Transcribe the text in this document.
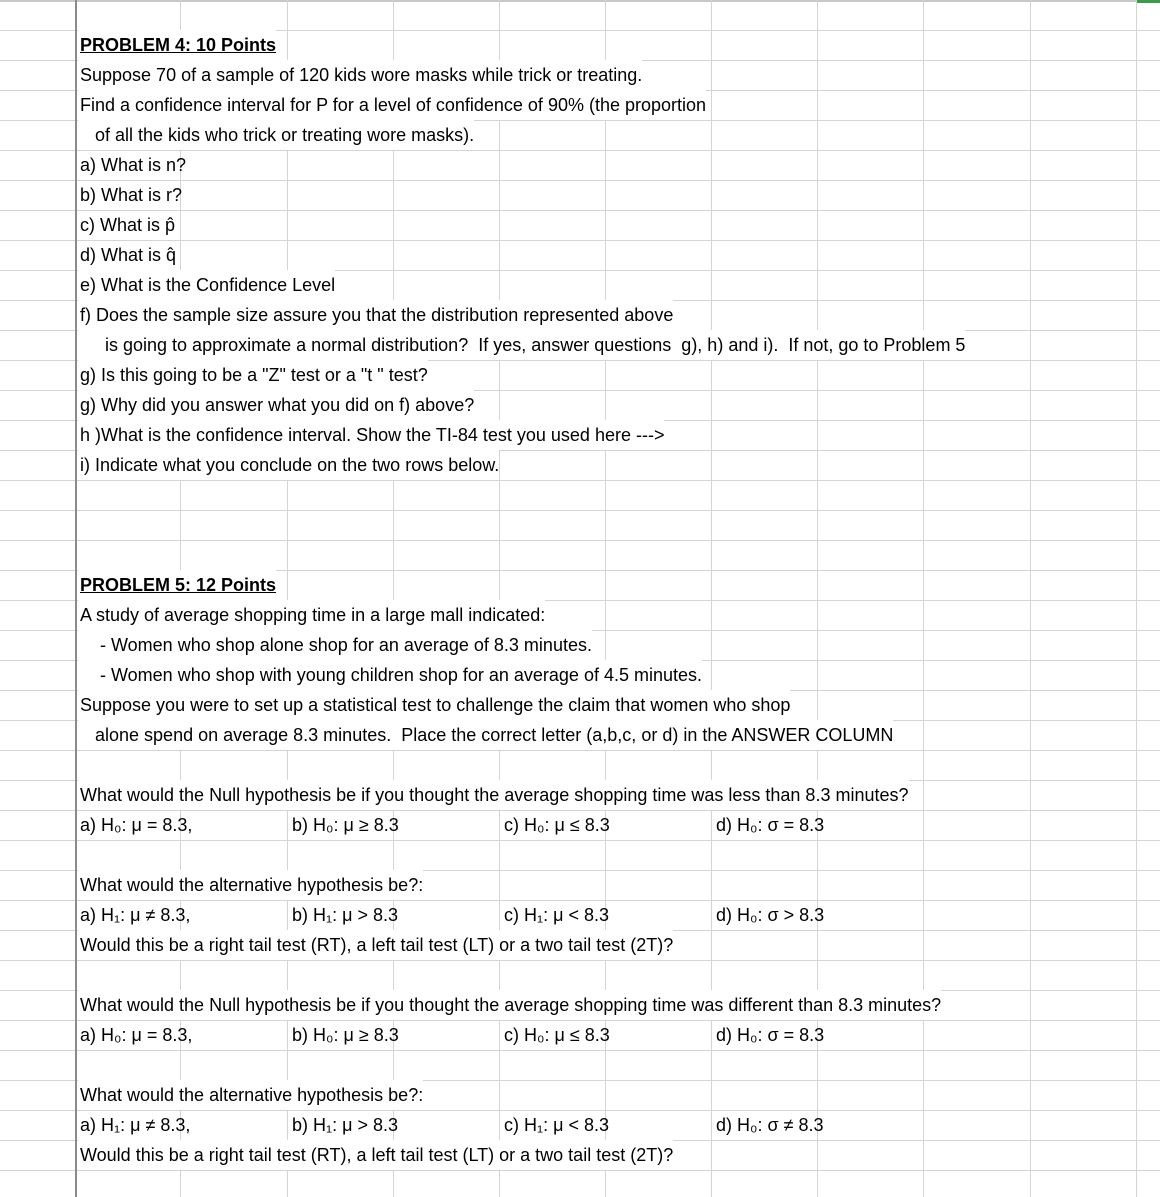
PROBLEM 4: 10 Points
Suppose 70 of a sample of 120 kids wore masks while trick or treating.
Find a confidence interval for P for a level of confidence of 90% (the proportion
of all the kids who trick or treating wore masks).
a) What is n?
b) What is r?
c) What is p̂
d) What is q̂
e) What is the Confidence Level
f) Does the sample size assure you that the distribution represented above
is going to approximate a normal distribution?  If yes, answer questions  g), h) and i).  If not, go to Problem 5
g) Is this going to be a "Z" test or a "t " test?
g) Why did you answer what you did on f) above?
h )What is the confidence interval. Show the TI-84 test you used here --->
i) Indicate what you conclude on the two rows below.
PROBLEM 5: 12 Points
A study of average shopping time in a large mall indicated:
- Women who shop alone shop for an average of 8.3 minutes.
- Women who shop with young children shop for an average of 4.5 minutes.
Suppose you were to set up a statistical test to challenge the claim that women who shop
alone spend on average 8.3 minutes.  Place the correct letter (a,b,c, or d) in the ANSWER COLUMN
What would the Null hypothesis be if you thought the average shopping time was less than 8.3 minutes?
a) H₀: μ = 8.3,	b) H₀: μ ≥ 8.3	c) H₀: μ ≤ 8.3	d) H₀: σ = 8.3
What would the alternative hypothesis be?:
a) H₁: μ ≠ 8.3,	b) H₁: μ > 8.3	c) H₁: μ < 8.3	d) H₀: σ > 8.3
Would this be a right tail test (RT), a left tail test (LT) or a two tail test (2T)?
What would the Null hypothesis be if you thought the average shopping time was different than 8.3 minutes?
a) H₀: μ = 8.3,	b) H₀: μ ≥ 8.3	c) H₀: μ ≤ 8.3	d) H₀: σ = 8.3
What would the alternative hypothesis be?:
a) H₁: μ ≠ 8.3,	b) H₁: μ > 8.3	c) H₁: μ < 8.3	d) H₀: σ ≠ 8.3
Would this be a right tail test (RT), a left tail test (LT) or a two tail test (2T)?
